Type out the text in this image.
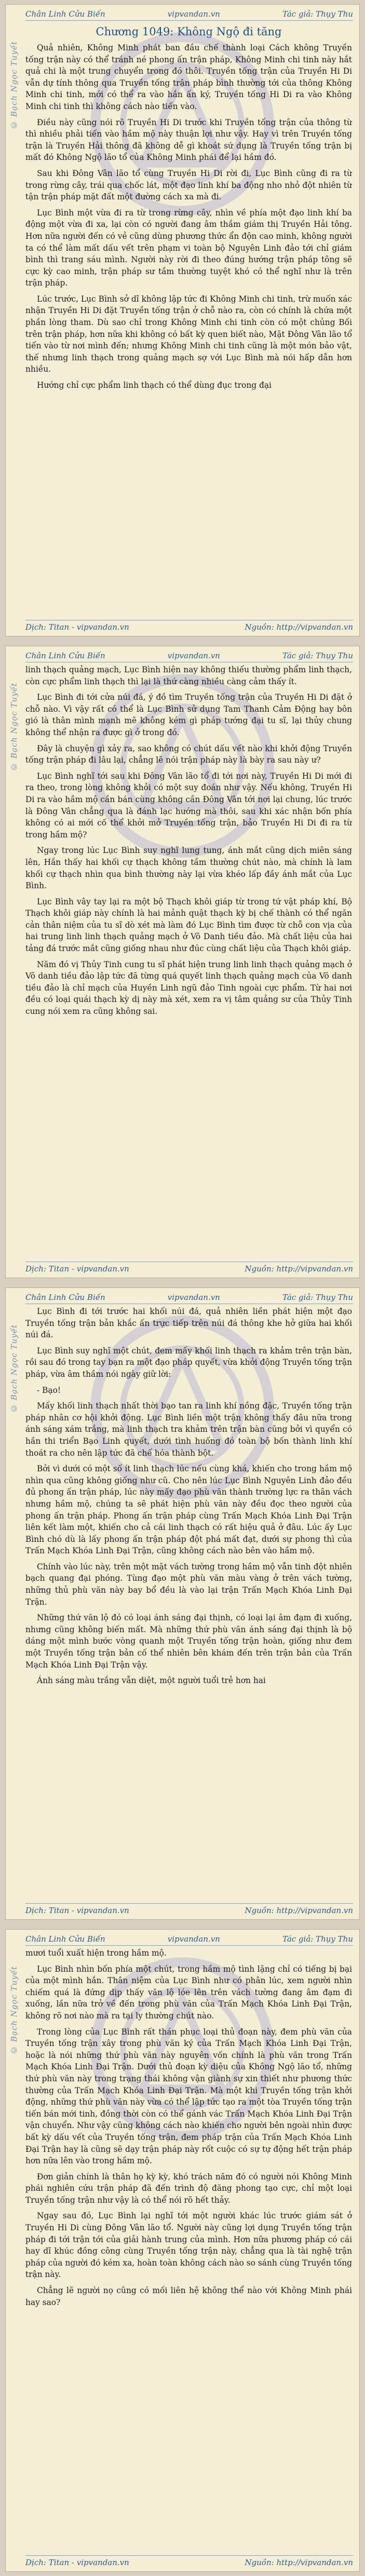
© Bạch Ngọc Tuyết
Chân Linh Cửu Biến	vipvandan.vn	Tác giả: Thụy Thu
Chương 1049: Không Ngộ đi tăng

Quả nhiên, Không Minh phát ban đầu chế thành loại Cách không Truyền tống trận này có thể tránh né phong ấn trận pháp, Không Minh chi tinh này hắt quả chi là một trung chuyển trong đó thôi. Truyền tống trận của Truyền Hi Di vẫn dự tính thông qua Truyền tống trận pháp bình thường tới của thông Không Minh chi tinh, mới có thể ra vào hắn ấn ký, Truyền tống Hi Di ra vào Không Minh chi tinh thì không cách nào tiến vào.

Điều này cũng nói rõ Truyền Hi Di trước khi Truyền tống trận của thông từ thì nhiều phải tiến vào hầm mộ này thuận lợi như vậy. Hay vì trên Truyền tống trận là Truyền Hải thông đã không dễ gì khoát sứ dụng là Truyền tống trận bị mất đó Không Ngộ lão tổ của Không Minh phái để lại hầm đó.

Sau khi Đông Vân lão tổ cùng Truyền Hi Di rời đi, Lục Bình cũng đi ra từ trong rừng cây, trái qua chốc lát, một đạo linh khí ba động nho nhỏ đột nhiên từ tận trận pháp mặt đất một đường cách xa mà đi.

Lục Bình một vừa đi ra từ trong rừng cây, nhìn về phía một đạo linh khí ba động một vừa đi xa, lại còn có người đang âm thầm giám thị Truyền Hải tông. Hơn nữa người đến có vẻ cũng dùng phương thức ẩn độn cao minh, không người ta có thể làm mất dấu vết trên phạm vi toàn bộ Nguyên Linh đảo tới chỉ giám bình thì trang sáu mình. Người này rời đi theo đúng hướng trận pháp tông sẽ cực kỳ cao minh, trận pháp sư tầm thường tuyệt khó có thể nghĩ như là trên trận pháp.

Lúc trước, Lục Bình sở dĩ không lập tức đi Không Minh chi tinh, trừ muốn xác nhận Truyền Hi Di đặt Truyền tống trận ở chỗ nào ra, còn có chính là chứa một phần lòng tham. Dù sao chỉ trong Không Minh chi tinh còn có một chủng Bối trên trận pháp, hơn nữa khi không có bất kỳ quen biết nào, Mặt Đông Vân lão tổ tiến vào từ nơi mình đến; nhưng Không Minh chi tinh cũng là một món bảo vật, thế nhưng linh thạch trong quảng mạch sợ với Lục Bình mà nói hấp dẫn hơn nhiều.

Hướng chỉ cực phẩm linh thạch có thể dùng đục trong đại

Dịch: Titan - vipvandan.vn	Nguồn: http://vipvandan.vn
© Bạch Ngọc Tuyết
Chân Linh Cửu Biến	vipvandan.vn	Tác giả: Thụy Thu

linh thạch quảng mạch, Lục Bình hiện nay không thiếu thường phẩm linh thạch, còn cực phẩm linh thạch thì lại là thứ càng nhiều càng cảm thấy ít.

Lục Bình đi tới cửa núi đá, ý đồ tìm Truyền tống trận của Truyền Hi Di đặt ở chỗ nào. Vì vậy rất có thể là Lục Bình sử dụng Tam Thanh Cảm Động hay bôn gió là thân mình mạnh mẽ không kém gì pháp tướng đại tu sĩ, lại thủy chung không thể nhận ra được gì ở trong đó.

Đây là chuyện gì xảy ra, sao không có chút dấu vết nào khi khởi động Truyền tống trận pháp đi lâu lại, chẳng lẽ nói trận pháp này là bày ra sau này ư?

Lục Bình nghĩ tới sau khi Đông Vân lão tổ đi tới nơi này, Truyền Hi Di mới đi ra theo, trong lòng không khỏi có một suy đoán như vậy. Nếu không, Truyền Hi Di ra vào hầm mộ cần bán cùng không cần Đông Vân tới nơi lại chung, lúc trước là Đông Vân chẳng qua là đánh lạc hướng mà thôi, sau khi xác nhận bốn phía không có ai mới cố thể khởi mở Truyền tống trận, bảo Truyền Hi Di đi ra từ trong hầm mộ?

Ngay trong lúc Lục Bình suy nghĩ lung tung, ánh mắt cũng dịch miên sáng lên, Hắn thấy hai khối cự thạch không tầm thường chút nào, mà chính là lam khối cự thạch nhìn qua bình thường này lại vừa khéo lấp đầy ánh mắt của Lục Bình.

Lục Bình vây tay lại ra một bộ Thạch khôi giáp từ trong tứ vật pháp khí, Bộ Thạch khôi giáp này chính là hai mảnh quật thạch kỳ bị chế thành có thể ngăn cản thân niệm của tu sĩ dò xét mà làm đó Lục Bình tìm được từ chỗ con vịa của hai trung linh linh thạch quảng mạch ở Võ Danh tiều đảo. Mà chất liệu của hai tảng đá trước mắt cũng giống nhau như đúc cùng chất liệu của Thạch khôi giáp.

Năm đó vị Thủy Tinh cung tu sĩ phát hiện trung linh linh thạch quảng mạch ở Võ danh tiều đảo lập tức đã từng quá quyết linh thạch quảng mạch của Võ danh tiều đảo là chỉ mạch của Huyền Linh ngũ đảo Tinh ngoài cực phẩm. Từ hai nơi đều có loại quái thạch kỳ dị này mà xét, xem ra vị tâm quảng sư của Thủy Tinh cung nói xem ra cũng không sai.

Dịch: Titan - vipvandan.vn	Nguồn: http://vipvandan.vn
© Bạch Ngọc Tuyết
Chân Linh Cửu Biến	vipvandan.vn	Tác giả: Thụy Thu

Lục Bình đi tới trước hai khối núi đá, quả nhiên liền phát hiện một đạo Truyền tống trận bản khắc ấn trực tiếp trên núi đá thông khe hở giữa hai khối núi đá.

Lục Bình suy nghĩ một chút, đem mấy khối linh thạch ra khảm trên trận bàn, rồi sau đó trong tay bạn ra một đạo pháp quyết, vừa khởi động Truyền tống trận pháp, vừa âm thầm nói ngày giữ lời:

- Bạo!

Mấy khối linh thạch nhất thời bạo tan ra linh khí nồng đặc, Truyền tống trận pháp nhân cơ hội khởi động. Lục Bình liền một trận không thấy đâu nữa trong ánh sáng xám trắng, mà linh thạch tra khảm trên trận bàn cũng bởi vì quyển có hần thi triển Bạo Linh quyết, dưới tình huống đó toàn bộ bốn thành linh khí thoát ra cho nên lập tức đã chế hóa thành bột.

Bởi vì dưới có một số ít linh thạch lúc nếu cùng khá, khiến cho trong hầm mộ nhìn qua cũng không giống như cũ. Cho nên lúc Lục Bình Nguyên Linh đảo đều đủ phong ấn trận pháp, lúc này mấy đạo phù văn thành trường lực ra thân vách nhưng hầm mộ, chúng ta sẽ phát hiện phù văn này đều đọc theo người của phong ấn trận pháp. Phong ấn trận pháp cùng Trấn Mạch Khóa Linh Đại Trận liên kết làm một, khiến cho cả cái linh thạch có rất hiệu quả ở đâu. Lúc ấy Lục Bình chó dù là lấy phong ấn trận pháp đột phá mất đạt, dưới sự phong thì của Trấn Mạch Khóa Linh Đại Trận, cũng không cách nào bên vào hầm mộ.

Chính vào lúc này, trên một mặt vách tường trong hầm mộ vẫn tinh đột nhiên bạch quang đại phóng. Tùng đạo một phù văn màu vàng ở trên vách tường, những thủ phù văn này bay bổ đều là vào lại trận Trấn Mạch Khóa Linh Đại Trận.

Những thứ văn lộ đó có loại ánh sáng đại thịnh, có loại lại âm đạm đi xuống, nhưng cũng không biến mất. Mà những thứ phù văn ánh sáng đại thịnh là bộ dáng một mình bước vòng quanh một Truyền tống trận hoàn, giống như đem một Truyền tống trận bản cố thể nhiên bên khám đến trên trận bản của Trấn Mạch Khóa Linh Đại Trận vậy.

Ánh sáng màu trắng vẫn diệt, một người tuổi trẻ hơn hai

Dịch: Titan - vipvandan.vn	Nguồn: http://vipvandan.vn
© Bạch Ngọc Tuyết
Chân Linh Cửu Biến	vipvandan.vn	Tác giả: Thụy Thu

mươi tuổi xuất hiện trong hầm mộ.

Lục Bình nhìn bốn phía một chút, trong hầm mộ tình lặng chỉ có tiếng bị bại của một mình hắn. Thân niệm của Lục Bình như có phân lúc, xem người nhìn chiếm quá là đứng dịp thấy văn lộ lóe lên trên vách tường đang âm đạm đi xuống, lần nữa trở về đến trong phù văn của Trấn Mạch Khóa Linh Đại Trận, không rõ nơi nào mà ra tại ly thường chút nào.

Trong lòng của Lục Bình rất thán phục loại thủ đoạn này, đem phù văn của Truyền tống trận xây trong phù văn ký của Trấn Mạch Khóa Linh Đại Trận, hoặc là nói những thứ phù văn này nguyên vốn chính là phù văn trong Trấn Mạch Khóa Linh Đại Trận. Dưới thủ đoạn kỳ diệu của Không Ngộ lão tổ, những thứ phù văn này trong trạng thái không vận giành sự xin thiết như phương thức thường của Trấn Mạch Khóa Linh Đại Trận. Mà một khi Truyền tống trận khởi động, những thứ phù văn này vừa có thể lập tức tạo ra một tòa Truyền tống trận tiến bán mới tinh, đồng thời còn có thể gánh vác Trấn Mạch Khóa Linh Đại Trận vận chuyển. Như vậy cũng không cách nào khiến cho người bên ngoài nhìn được bất kỳ dấu vết của Truyền tống trận, đem pháp trận của Trấn Mạch Khóa Linh Đại Trận hay là cũng sẽ dạy trận pháp này rốt cuộc có sự tự động hết trận pháp hơn nữa lên vào trong hầm mộ.

Đơn giản chính là thân họ kỳ kỳ, khó trách năm đó có người nói Không Minh phái nghiên cứu trận pháp đã đến trình độ đăng phong tạo cực, chỉ một loại Truyền tống trận như vậy là có thể nói rõ hết thảy.

Ngay sau đó, Lục Bình lại nghĩ tới một người khác lúc trước giám sát ở Truyền Hi Di cùng Đông Vân lão tổ. Người này cũng lợi dụng Truyền tống trận pháp đi tới trận tới của giải hành trung của mình. Hơn nữa phương pháp có cái hay dĩ khúc đồng công cùng Truyền tống trận này, chẳng qua là tài nghệ trận pháp của người đó kém xa, hoàn toàn không cách nào so sánh cùng Truyền tống trận này.

Chẳng lẽ người nọ cũng có mối liên hệ không thể nào với Không Minh phái hay sao?

Dịch: Titan - vipvandan.vn	Nguồn: http://vipvandan.vn
